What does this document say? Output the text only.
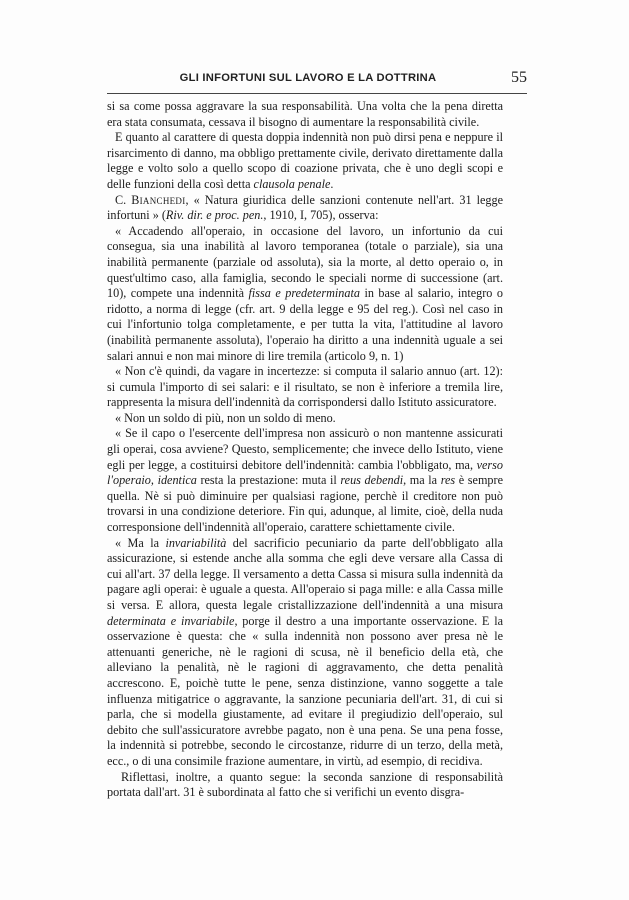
GLI INFORTUNI SUL LAVORO E LA DOTTRINA	55

si sa come possa aggravare la sua responsabilità. Una volta che la pena diretta era stata consumata, cessava il bisogno di aumentare la responsabilità civile.

E quanto al carattere di questa doppia indennità non può dirsi pena e neppure il risarcimento di danno, ma obbligo prettamente civile, derivato direttamente dalla legge e volto solo a quello scopo di coazione privata, che è uno degli scopi e delle funzioni della così detta clausola penale.

C. Bianchedi, « Natura giuridica delle sanzioni contenute nell'art. 31 legge infortuni » (Riv. dir. e proc. pen., 1910, I, 705), osserva:

« Accadendo all'operaio, in occasione del lavoro, un infortunio da cui consegua, sia una inabilità al lavoro temporanea (totale o parziale), sia una inabilità permanente (parziale od assoluta), sia la morte, al detto operaio o, in quest'ultimo caso, alla famiglia, secondo le speciali norme di successione (art. 10), compete una indennità fissa e predeterminata in base al salario, integro o ridotto, a norma di legge (cfr. art. 9 della legge e 95 del reg.). Così nel caso in cui l'infortunio tolga completamente, e per tutta la vita, l'attitudine al lavoro (inabilità permanente assoluta), l'operaio ha diritto a una indennità uguale a sei salari annui e non mai minore di lire tremila (articolo 9, n. 1)

« Non c'è quindi, da vagare in incertezze: si computa il salario annuo (art. 12): si cumula l'importo di sei salari: e il risultato, se non è inferiore a tremila lire, rappresenta la misura dell'indennità da corrispondersi dallo Istituto assicuratore.

« Non un soldo di più, non un soldo di meno.

« Se il capo o l'esercente dell'impresa non assicurò o non mantenne assicurati gli operai, cosa avviene? Questo, semplicemente; che invece dello Istituto, viene egli per legge, a costituirsi debitore dell'indennità: cambia l'obbligato, ma, verso l'operaio, identica resta la prestazione: muta il reus debendi, ma la res è sempre quella. Nè si può diminuire per qualsiasi ragione, perchè il creditore non può trovarsi in una condizione deteriore. Fin qui, adunque, al limite, cioè, della nuda corresponsione dell'indennità all'operaio, carattere schiettamente civile.

« Ma la invariabilità del sacrificio pecuniario da parte dell'obbligato alla assicurazione, si estende anche alla somma che egli deve versare alla Cassa di cui all'art. 37 della legge. Il versamento a detta Cassa si misura sulla indennità da pagare agli operai: è uguale a questa. All'operaio si paga mille: e alla Cassa mille si versa. E allora, questa legale cristallizzazione dell'indennità a una misura determinata e invariabile, porge il destro a una importante osservazione. E la osservazione è questa: che « sulla indennità non possono aver presa nè le attenuanti generiche, nè le ragioni di scusa, nè il beneficio della età, che alleviano la penalità, nè le ragioni di aggravamento, che detta penalità accrescono. E, poichè tutte le pene, senza distinzione, vanno soggette a tale influenza mitigatrice o aggravante, la sanzione pecuniaria dell'art. 31, di cui si parla, che si modella giustamente, ad evitare il pregiudizio dell'operaio, sul debito che sull'assicuratore avrebbe pagato, non è una pena. Se una pena fosse, la indennità si potrebbe, secondo le circostanze, ridurre di un terzo, della metà, ecc., o di una consimile frazione aumentare, in virtù, ad esempio, di recidiva.

Riflettasi, inoltre, a quanto segue: la seconda sanzione di responsabilità portata dall'art. 31 è subordinata al fatto che si verifichi un evento disgra-
